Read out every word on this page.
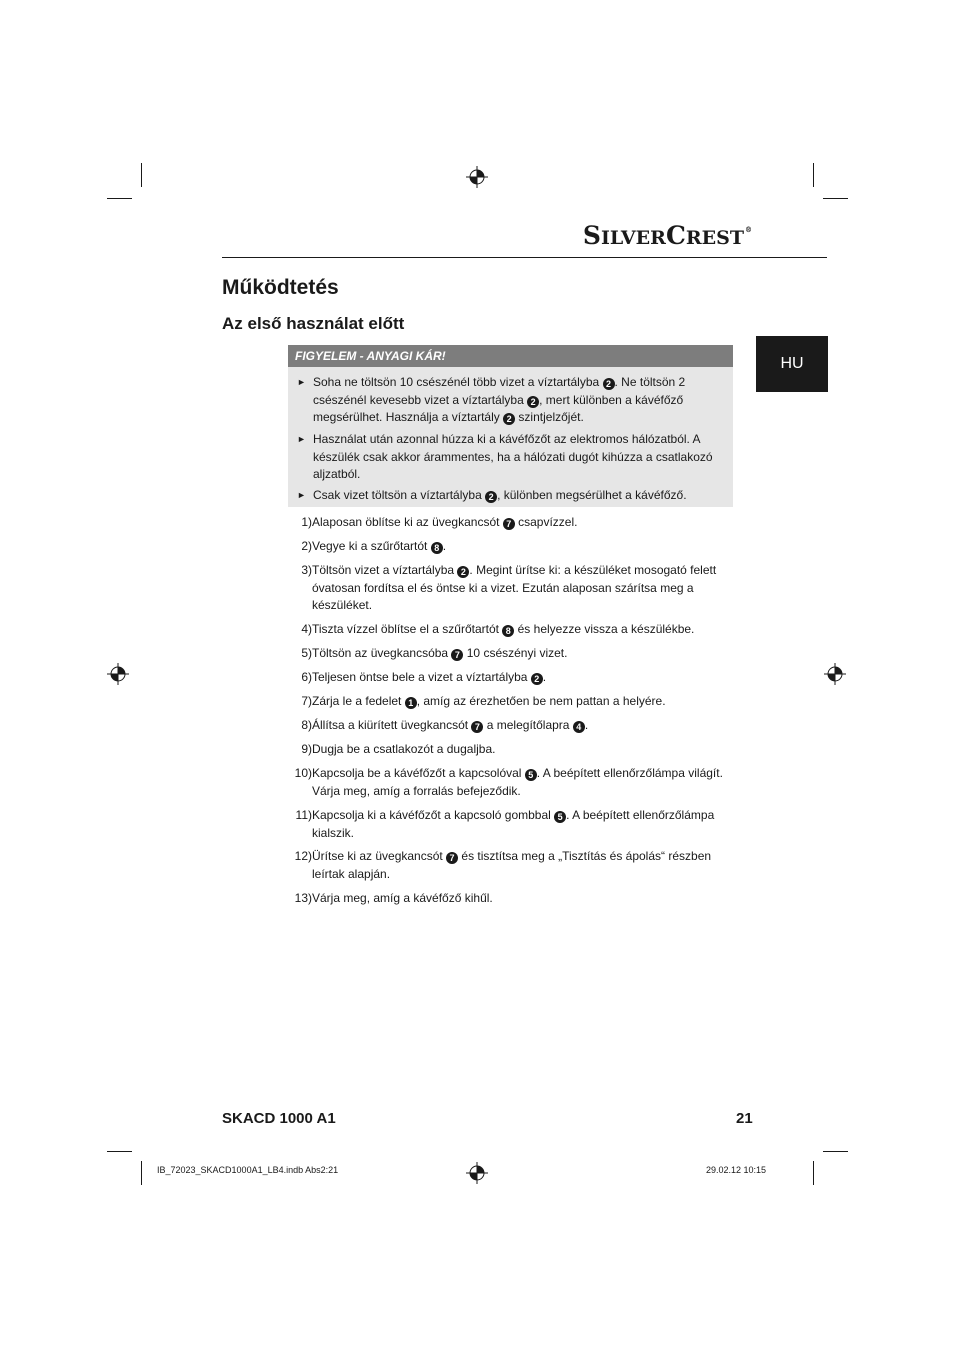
SILVERCREST®
HU
Működtetés
Az első használat előtt
FIGYELEM - ANYAGI KÁR!
► Soha ne töltsön 10 csészénél több vizet a víztartályba 2 . Ne töltsön 2 csészénél kevesebb vizet a víztartályba 2 , mert különben a kávéfőző megsérülhet. Használja a víztartály 2 szintjelzőjét.
► Használat után azonnal húzza ki a kávéfőzőt az elektromos hálózatból. A készülék csak akkor árammentes, ha a hálózati dugót kihúzza a csatlakozó aljzatból.
► Csak vizet töltsön a víztartályba 2 , különben megsérülhet a kávéfőző.
1) Alaposan öblítse ki az üvegkancsót 7 csapvízzel.
2) Vegye ki a szűrőtartót 8 .
3) Töltsön vizet a víztartályba 2 . Megint ürítse ki: a készüléket mosogató felett óvatosan fordítsa el és öntse ki a vizet. Ezután alaposan szárítsa meg a készüléket.
4) Tiszta vízzel öblítse el a szűrőtartót 8 és helyezze vissza a készülékbe.
5) Töltsön az üvegkancsóba 7 10 csészényi vizet.
6) Teljesen öntse bele a vizet a víztartályba 2 .
7) Zárja le a fedelet 1 , amíg az érezhetően be nem pattan a helyére.
8) Állítsa a kiürített üvegkancsót 7 a melegítőlapra 4 .
9) Dugja be a csatlakozót a dugaljba.
10) Kapcsolja be a kávéfőzőt a kapcsolóval 5 . A beépített ellenőrzőlámpa világít. Várja meg, amíg a forralás befejeződik.
11) Kapcsolja ki a kávéfőzőt a kapcsoló gombbal 5 . A beépített ellenőrzőlámpa kialszik.
12) Ürítse ki az üvegkancsót 7 és tisztítsa meg a „Tisztítás és ápolás“ részben leírtak alapján.
13) Várja meg, amíg a kávéfőző kihűl.
SKACD 1000 A1	21
IB_72023_SKACD1000A1_LB4.indb Abs2:21	29.02.12 10:15
